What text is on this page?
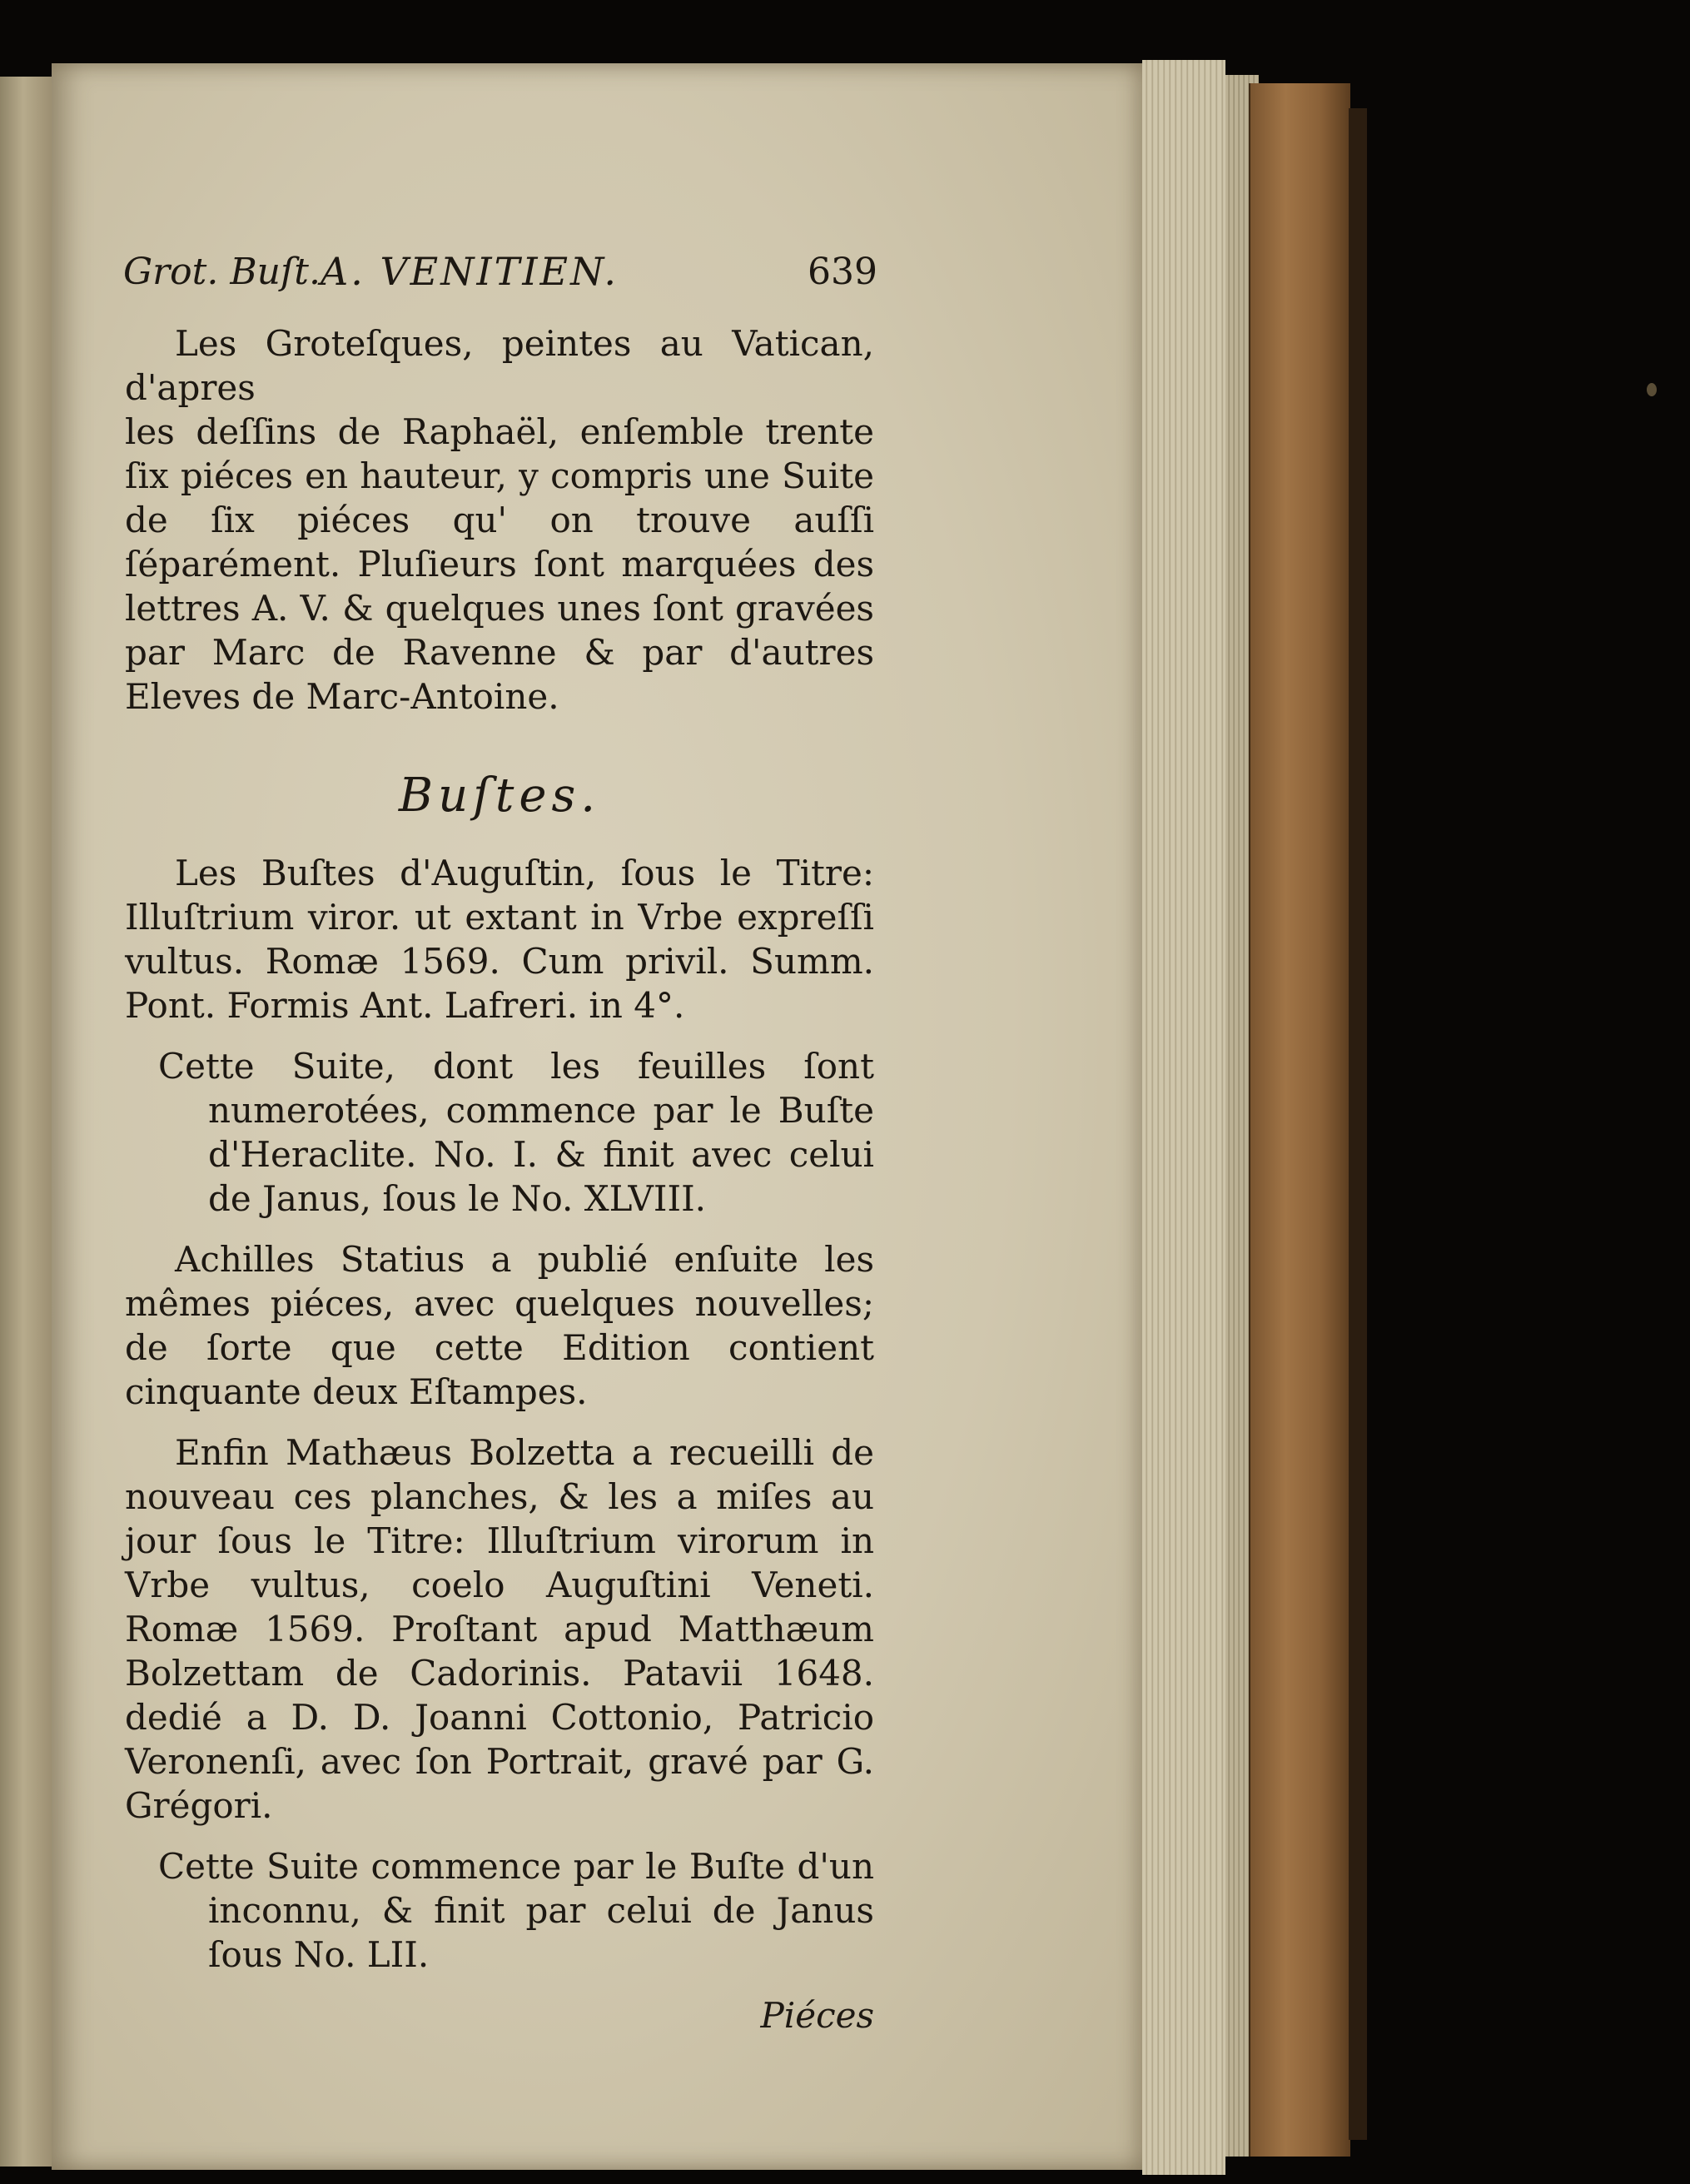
Grot. Buſt. A. VENITIEN.	639

Les Groteſques, peintes au Vatican, d'apres

les deſſins de Raphaël, enſemble trente ſix piéces en hauteur, y compris une Suite de ſix piéces qu' on trouve auſſi ſéparément. Pluſieurs ſont marquées des lettres A. V. & quelques unes ſont gravées par Marc de Ravenne & par d'autres Eleves de Marc-Antoine.

Buſtes.

Les Buſtes d'Auguſtin, ſous le Titre: Illuſtrium viror. ut extant in Vrbe expreſſi vultus. Romæ 1569. Cum privil. Summ. Pont. Formis Ant. Lafreri. in 4°.

Cette Suite, dont les feuilles ſont numerotées, commence par le Buſte d'Heraclite. No. I. & finit avec celui de Janus, ſous le No. XLVIII.

Achilles Statius a publié enſuite les mêmes piéces, avec quelques nouvelles; de ſorte que cette Edition contient cinquante deux Eſtampes.

Enfin Mathæus Bolzetta a recueilli de nouveau ces planches, & les a miſes au jour ſous le Titre: Illuſtrium virorum in Vrbe vultus, coelo Auguſtini Veneti. Romæ 1569. Proſtant apud Matthæum Bolzettam de Cadorinis. Patavii 1648. dedié a D. D. Joanni Cottonio, Patricio Veronenſi, avec ſon Portrait, gravé par G. Grégori.

Cette Suite commence par le Buſte d'un inconnu, & finit par celui de Janus ſous No. LII.

Piéces
